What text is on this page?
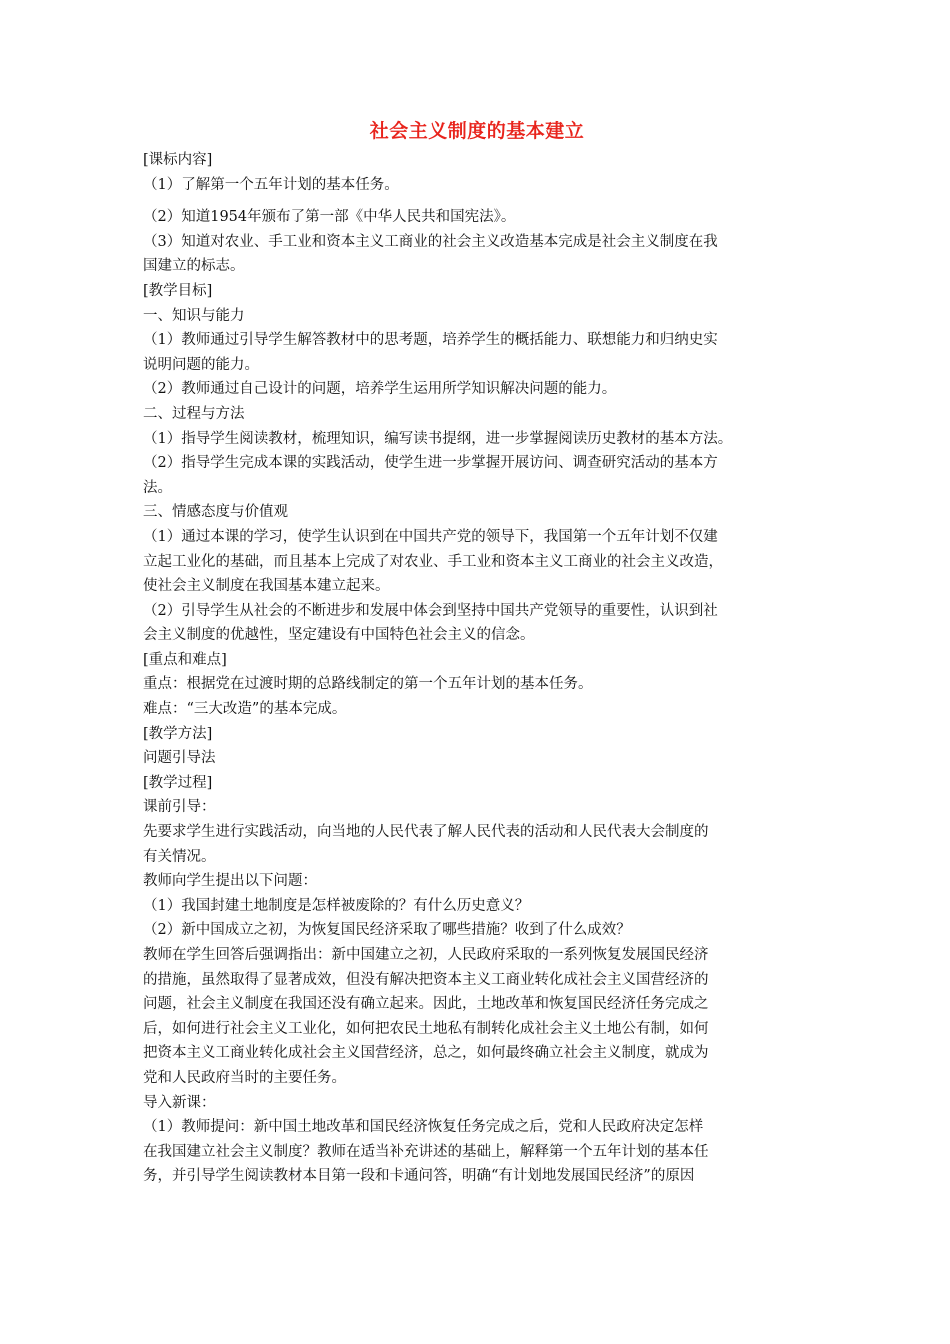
社会主义制度的基本建立

[课标内容]

（1）了解第一个五年计划的基本任务。

（2）知道1954年颁布了第一部《中华人民共和国宪法》。

（3）知道对农业、手工业和资本主义工商业的社会主义改造基本完成是社会主义制度在我

国建立的标志。

[教学目标]

一、知识与能力

（1）教师通过引导学生解答教材中的思考题，培养学生的概括能力、联想能力和归纳史实

说明问题的能力。

（2）教师通过自己设计的问题，培养学生运用所学知识解决问题的能力。

二、过程与方法

（1）指导学生阅读教材，梳理知识，编写读书提纲，进一步掌握阅读历史教材的基本方法。

（2）指导学生完成本课的实践活动，使学生进一步掌握开展访问、调查研究活动的基本方

法。

三、情感态度与价值观

（1）通过本课的学习，使学生认识到在中国共产党的领导下，我国第一个五年计划不仅建

立起工业化的基础，而且基本上完成了对农业、手工业和资本主义工商业的社会主义改造，

使社会主义制度在我国基本建立起来。

（2）引导学生从社会的不断进步和发展中体会到坚持中国共产党领导的重要性，认识到社

会主义制度的优越性，坚定建设有中国特色社会主义的信念。

[重点和难点]

重点：根据党在过渡时期的总路线制定的第一个五年计划的基本任务。

难点：“三大改造”的基本完成。

[教学方法]

问题引导法

[教学过程]

课前引导：

先要求学生进行实践活动，向当地的人民代表了解人民代表的活动和人民代表大会制度的

有关情况。

教师向学生提出以下问题：

（1）我国封建土地制度是怎样被废除的？有什么历史意义？

（2）新中国成立之初，为恢复国民经济采取了哪些措施？收到了什么成效？

教师在学生回答后强调指出：新中国建立之初，人民政府采取的一系列恢复发展国民经济

的措施，虽然取得了显著成效，但没有解决把资本主义工商业转化成社会主义国营经济的

问题，社会主义制度在我国还没有确立起来。因此，土地改革和恢复国民经济任务完成之

后，如何进行社会主义工业化，如何把农民土地私有制转化成社会主义土地公有制，如何

把资本主义工商业转化成社会主义国营经济，总之，如何最终确立社会主义制度，就成为

党和人民政府当时的主要任务。

导入新课：

（1）教师提问：新中国土地改革和国民经济恢复任务完成之后，党和人民政府决定怎样

在我国建立社会主义制度？教师在适当补充讲述的基础上，解释第一个五年计划的基本任

务，并引导学生阅读教材本目第一段和卡通问答，明确“有计划地发展国民经济”的原因
